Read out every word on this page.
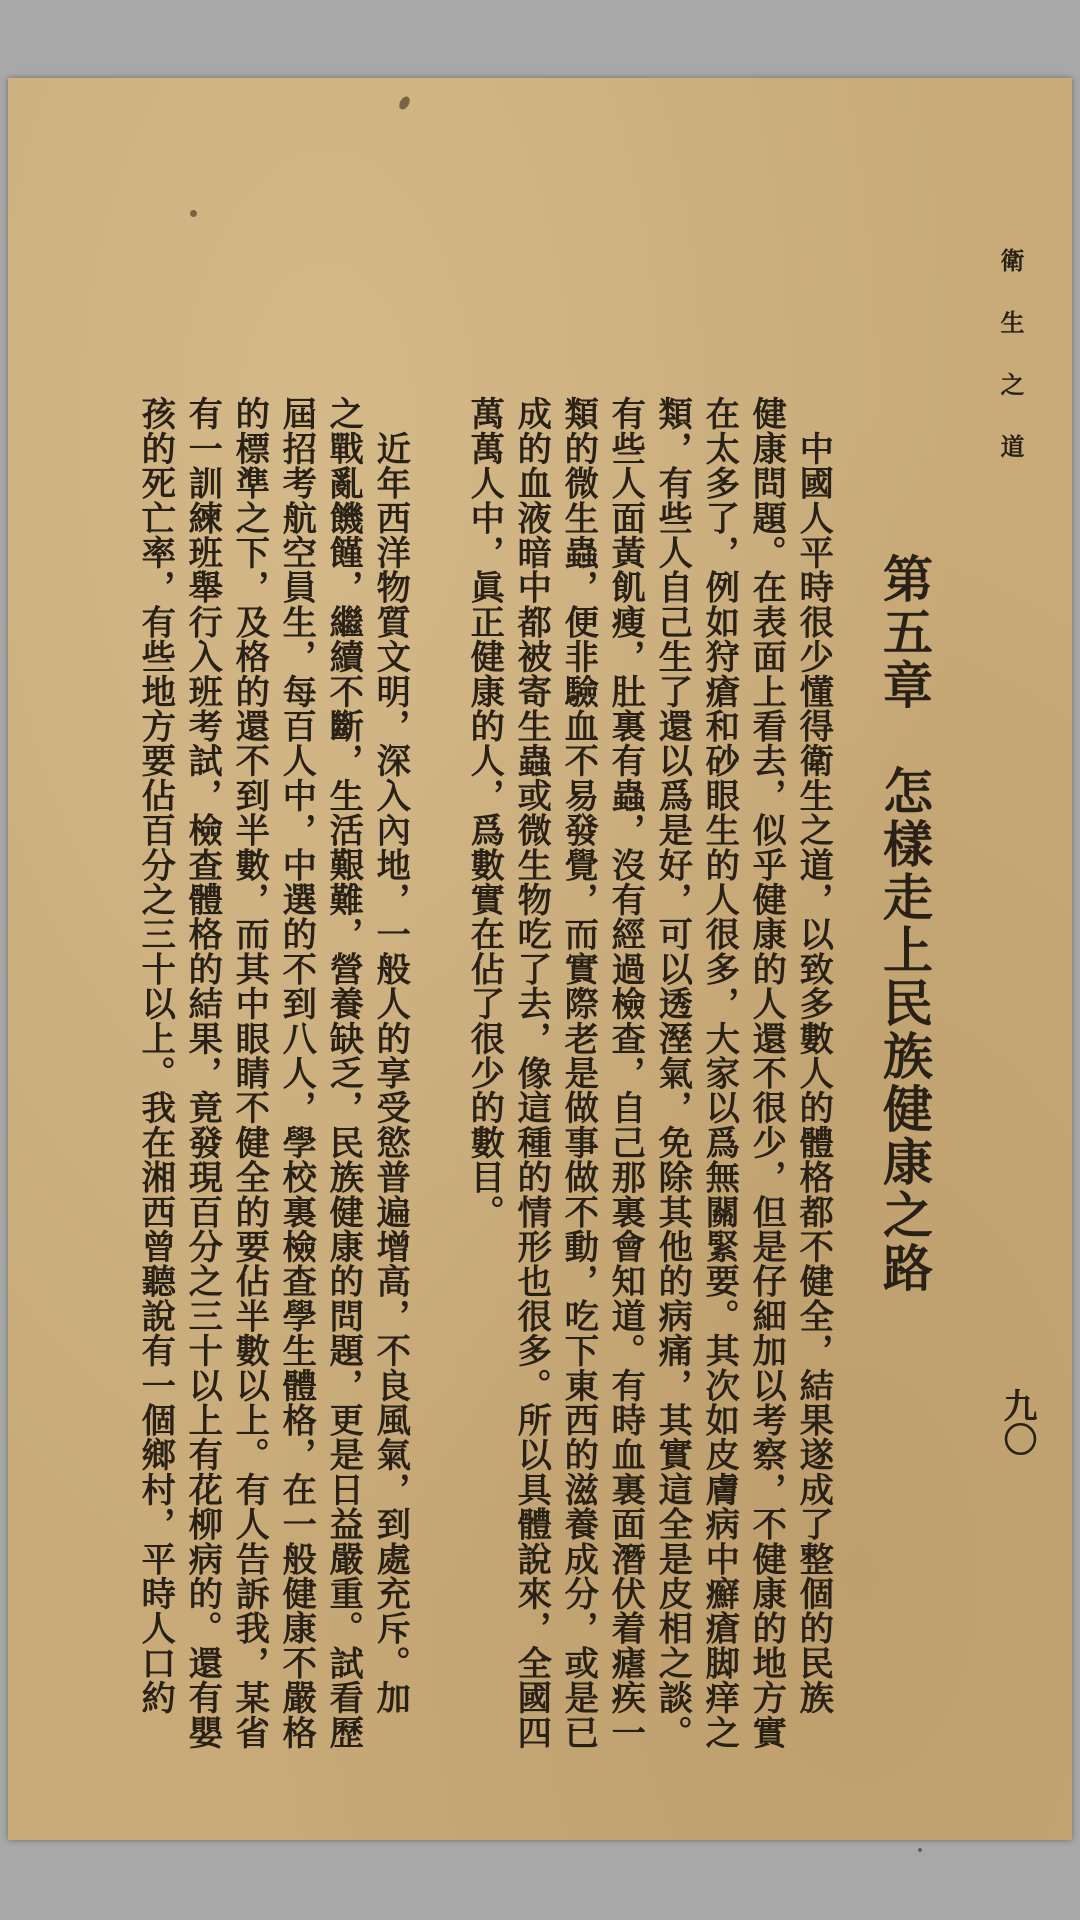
衛生之道
九〇
第五章　怎樣走上民族健康之路
　中國人平時很少懂得衛生之道，以致多數人的體格都不健全，結果遂成了整個的民族
健康問題。在表面上看去，似乎健康的人還不很少，但是仔細加以考察，不健康的地方實
在太多了，例如狩瘡和砂眼生的人很多，大家以爲無關緊要。其次如皮膚病中癬瘡脚痒之
類，有些人自己生了還以爲是好，可以透溼氣，免除其他的病痛，其實這全是皮相之談。
有些人面黃飢瘦，肚裏有蟲，沒有經過檢查，自己那裏會知道。有時血裏面潛伏着瘧疾一
類的微生蟲，便非驗血不易發覺，而實際老是做事做不動，吃下東西的滋養成分，或是已
成的血液暗中都被寄生蟲或微生物吃了去，像這種的情形也很多。所以具體說來，全國四
萬萬人中，眞正健康的人，爲數實在佔了很少的數目。
　近年西洋物質文明，深入內地，一般人的享受慾普遍增高，不良風氣，到處充斥。加
之戰亂饑饉，繼續不斷，生活艱難，營養缺乏，民族健康的問題，更是日益嚴重。試看歷
屆招考航空員生，每百人中，中選的不到八人，學校裏檢查學生體格，在一般健康不嚴格
的標準之下，及格的還不到半數，而其中眼睛不健全的要佔半數以上。有人告訴我，某省
有一訓練班舉行入班考試，檢查體格的結果，竟發現百分之三十以上有花柳病的。還有嬰
孩的死亡率，有些地方要佔百分之三十以上。我在湘西曾聽說有一個鄉村，平時人口約
